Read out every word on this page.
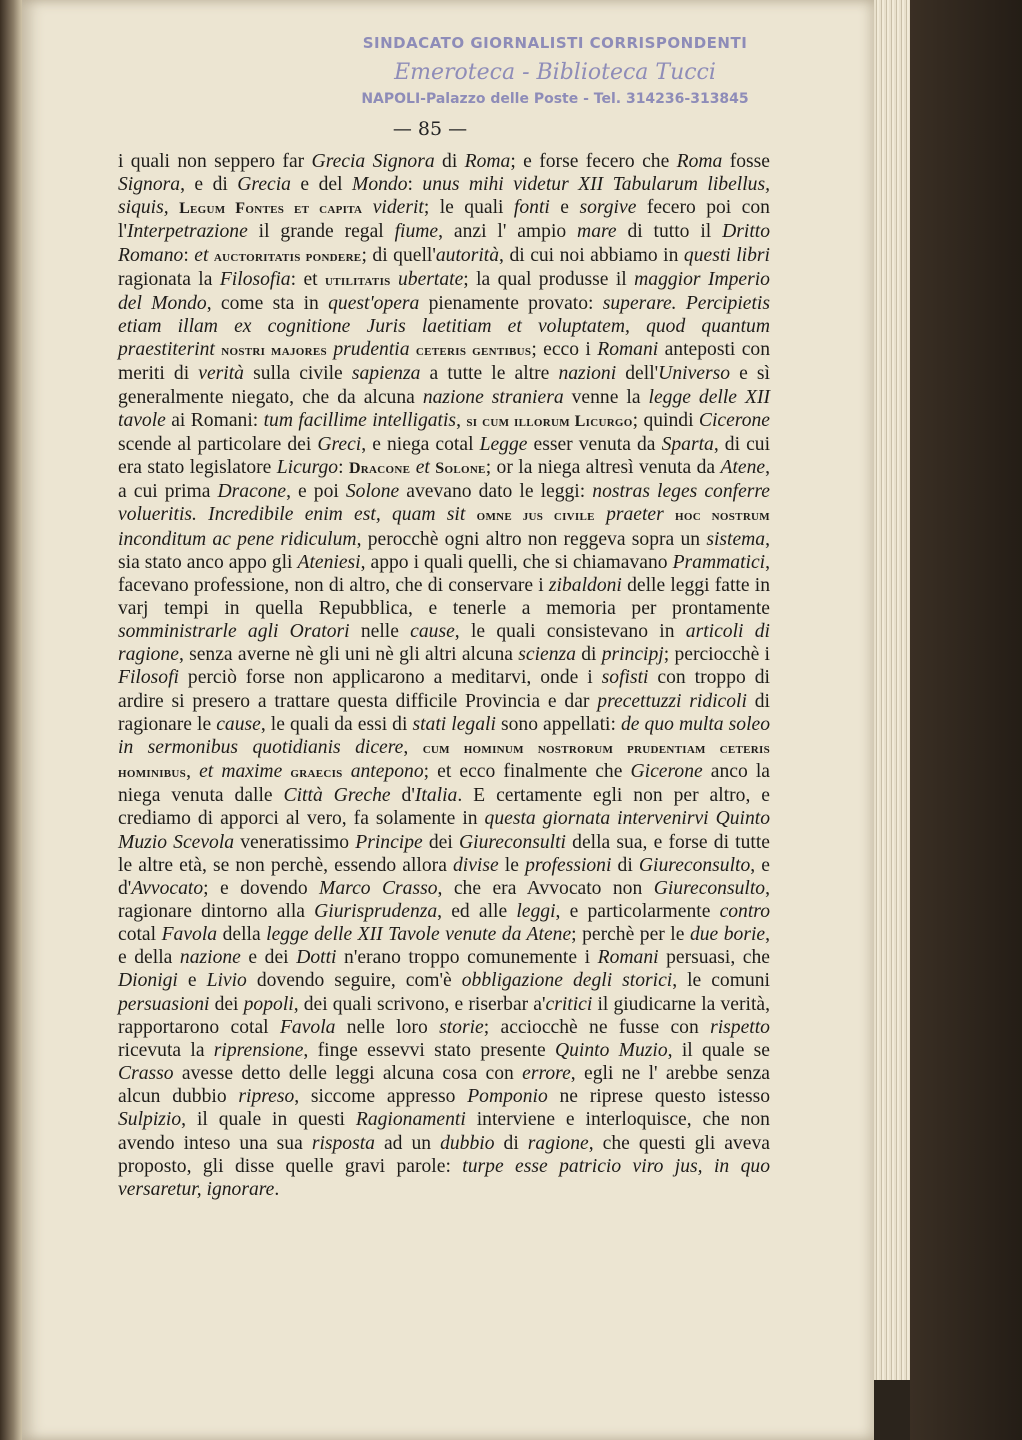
SINDACATO GIORNALISTI CORRISPONDENTI
Emeroteca - Biblioteca Tucci
NAPOLI-Palazzo delle Poste - Tel. 314236-313845
— 85 —
i quali non seppero far Grecia Signora di Roma; e forse fecero che Roma fosse Signora, e di Grecia e del Mondo: unus mihi videtur XII Tabularum libellus, siquis, Legum Fontes et capita viderit; le quali fonti e sorgive fecero poi con l'Interpetrazione il grande regal fiume, anzi l' ampio mare di tutto il Dritto Romano: et auctoritatis pondere; di quell'autorità, di cui noi abbiamo in questi libri ragionata la Filosofia: et utilitatis ubertate; la qual produsse il maggior Imperio del Mondo, come sta in quest'opera pienamente provato: superare. Percipietis etiam illam ex cognitione Juris laetitiam et voluptatem, quod quantum praestiterint nostri majores prudentia ceteris gentibus; ecco i Romani anteposti con meriti di verità sulla civile sapienza a tutte le altre nazioni dell'Universo e sì generalmente niegato, che da alcuna nazione straniera venne la legge delle XII tavole ai Romani: tum facillime intelligatis, si cum illorum Licurgo; quindi Cicerone scende al particolare dei Greci, e niega cotal Legge esser venuta da Sparta, di cui era stato legislatore Licurgo: Dracone et Solone; or la niega altresì venuta da Atene, a cui prima Dracone, e poi Solone avevano dato le leggi: nostras leges conferre volueritis. Incredibile enim est, quam sit omne jus civile praeter hoc nostrum inconditum ac pene ridiculum, perocchè ogni altro non reggeva sopra un sistema, sia stato anco appo gli Ateniesi, appo i quali quelli, che si chiamavano Prammatici, facevano professione, non di altro, che di conservare i zibaldoni delle leggi fatte in varj tempi in quella Repubblica, e tenerle a memoria per prontamente somministrarle agli Oratori nelle cause, le quali consistevano in articoli di ragione, senza averne nè gli uni nè gli altri alcuna scienza di principj; perciocchè i Filosofi perciò forse non applicarono a meditarvi, onde i sofisti con troppo di ardire si presero a trattare questa difficile Provincia e dar precettuzzi ridicoli di ragionare le cause, le quali da essi di stati legali sono appellati: de quo multa soleo in sermonibus quotidianis dicere, cum hominum nostrorum prudentiam ceteris hominibus, et maxime graecis antepono; et ecco finalmente che Gicerone anco la niega venuta dalle Città Greche d'Italia. E certamente egli non per altro, e crediamo di apporci al vero, fa solamente in questa giornata intervenirvi Quinto Muzio Scevola veneratissimo Principe dei Giureconsulti della sua, e forse di tutte le altre età, se non perchè, essendo allora divise le professioni di Giureconsulto, e d'Avvocato; e dovendo Marco Crasso, che era Avvocato non Giureconsulto, ragionare dintorno alla Giurisprudenza, ed alle leggi, e particolarmente contro cotal Favola della legge delle XII Tavole venute da Atene; perchè per le due borie, e della nazione e dei Dotti n'erano troppo comunemente i Romani persuasi, che Dionigi e Livio dovendo seguire, com'è obbligazione degli storici, le comuni persuasioni dei popoli, dei quali scrivono, e riserbar a'critici il giudicarne la verità, rapportarono cotal Favola nelle loro storie; acciocchè ne fusse con rispetto ricevuta la riprensione, finge essevvi stato presente Quinto Muzio, il quale se Crasso avesse detto delle leggi alcuna cosa con errore, egli ne l' arebbe senza alcun dubbio ripreso, siccome appresso Pomponio ne riprese questo istesso Sulpizio, il quale in questi Ragionamenti interviene e interloquisce, che non avendo inteso una sua risposta ad un dubbio di ragione, che questi gli aveva proposto, gli disse quelle gravi parole: turpe esse patricio viro jus, in quo versaretur, ignorare.
